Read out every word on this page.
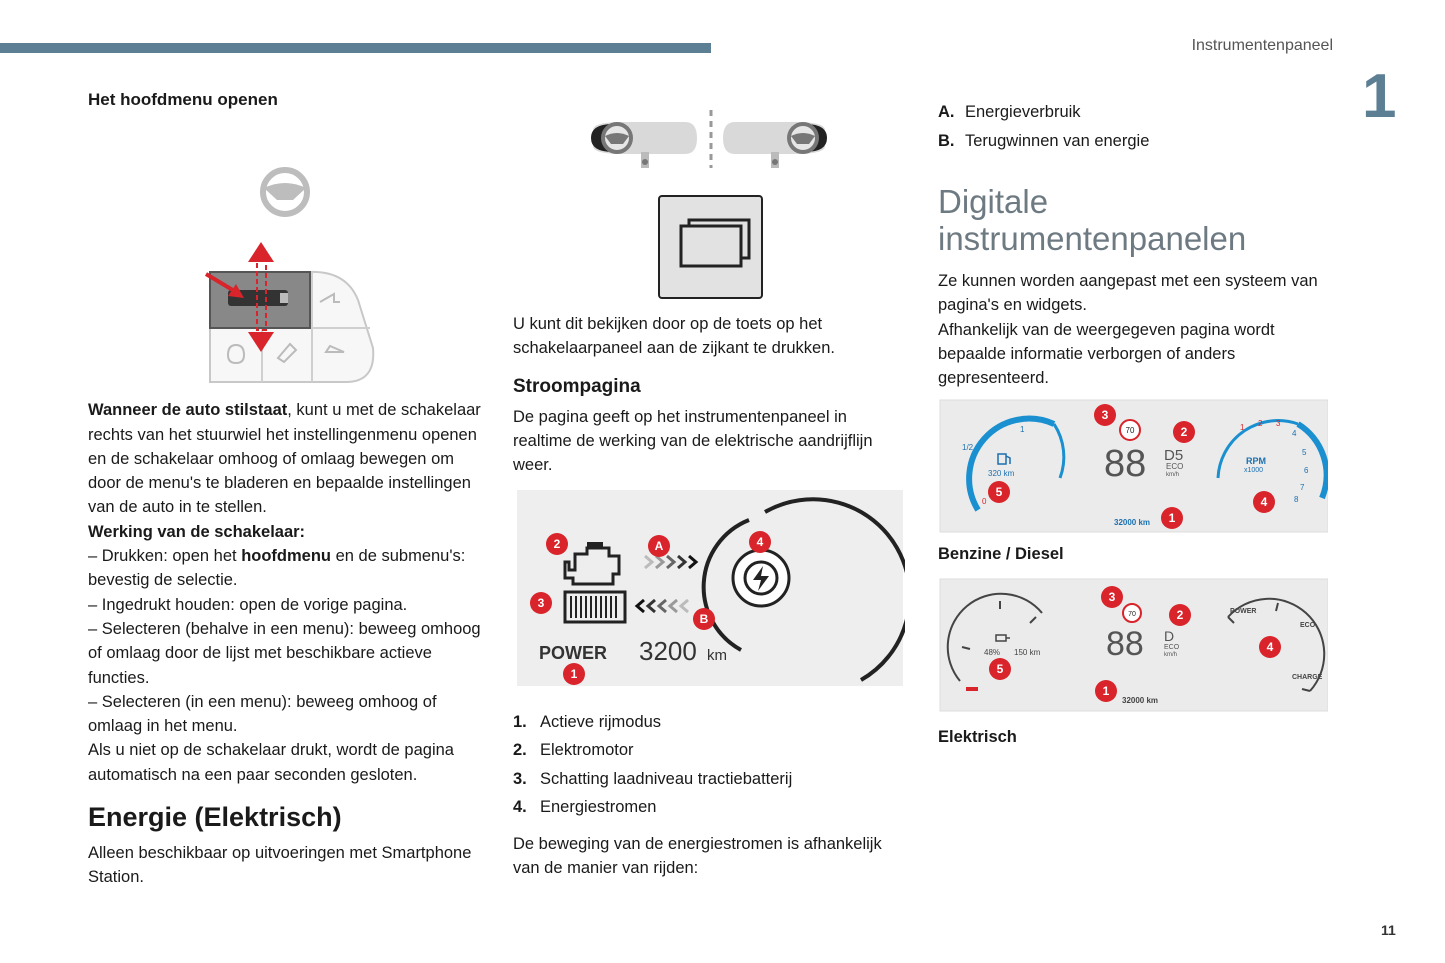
Instrumentenpaneel
1
11
Het hoofdmenu openen

Wanneer de auto stilstaat, kunt u met de schakelaar rechts van het stuurwiel het instellingenmenu openen en de schakelaar omhoog of omlaag bewegen om door de menu's te bladeren en bepaalde instellingen van de auto in te stellen.

Werking van de schakelaar:

– Drukken: open het hoofdmenu en de submenu's: bevestig de selectie.

– Ingedrukt houden: open de vorige pagina.

– Selecteren (behalve in een menu): beweeg omhoog of omlaag door de lijst met beschikbare actieve functies.

– Selecteren (in een menu): beweeg omhoog of omlaag in het menu.

Als u niet op de schakelaar drukt, wordt de pagina automatisch na een paar seconden gesloten.

Energie (Elektrisch)

Alleen beschikbaar op uitvoeringen met Smartphone Station.

U kunt dit bekijken door op de toets op het schakelaarpaneel aan de zijkant te drukken.

Stroompagina

De pagina geeft op het instrumentenpaneel in realtime de werking van de elektrische aandrijflijn weer.

POWER 3200 km
2
3
A
B
4
1
1. Actieve rijmodus
2. Elektromotor
3. Schatting laadniveau tractiebatterij
4. Energiestromen

De beweging van de energiestromen is afhankelijk van de manier van rijden:

A. Energieverbruik
B. Terugwinnen van energie
Digitale instrumentenpanelen

Ze kunnen worden aangepast met een systeem van pagina's en widgets.

Afhankelijk van de weergegeven pagina wordt bepaalde informatie verborgen of anders gepresenteerd.

1/2
1
0
320 km
RPM
x1000
32000 km
1 2 3
4
5
6
7
8
88 D5
ECO
km/h
70
3
2
5
4
1
Benzine / Diesel
48% 150 km
32000 km
POWER
ECO
CHARGE
88 D
ECO
km/h
70
3
2
5
4
1
Elektrisch
